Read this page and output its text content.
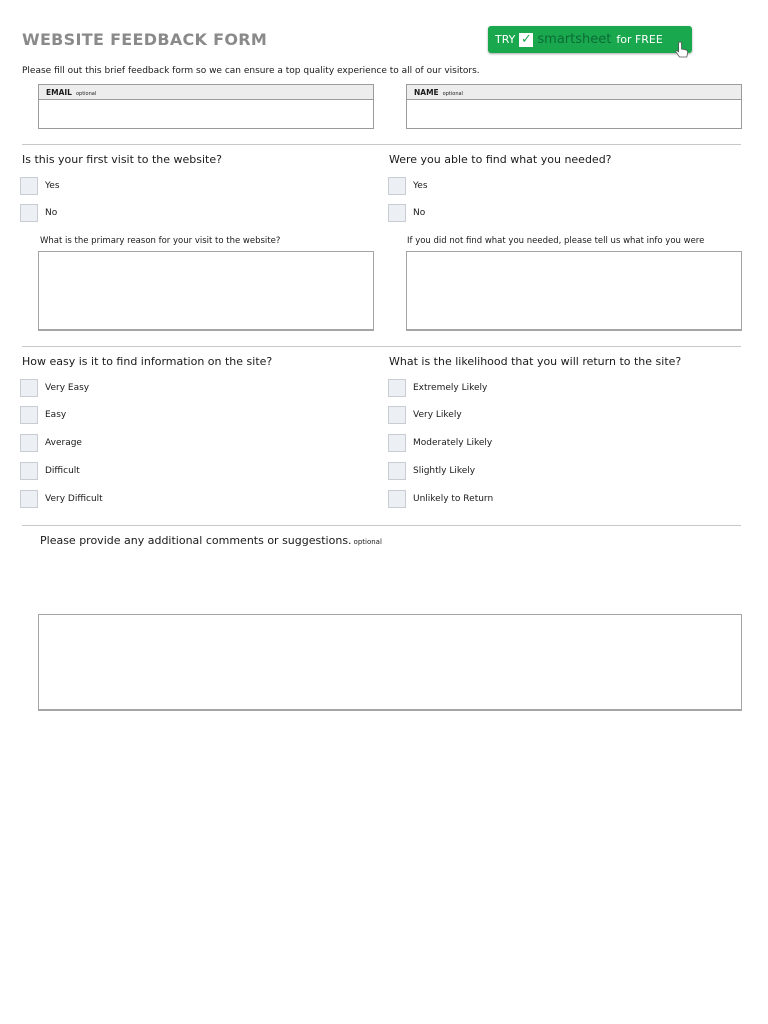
WEBSITE FEEDBACK FORM	TRY ✓ smartsheet for FREE
Please fill out this brief feedback form so we can ensure a top quality experience to all of our visitors.
EMAIL optional	NAME optional
Is this your first visit to the website?
Yes
No
What is the primary reason for your visit to the website?
Were you able to find what you needed?
Yes
No
If you did not find what you needed, please tell us what info you were
How easy is it to find information on the site?
Very Easy
Easy
Average
Difficult
Very Difficult
What is the likelihood that you will return to the site?
Extremely Likely
Very Likely
Moderately Likely
Slightly Likely
Unlikely to Return
Please provide any additional comments or suggestions. optional
